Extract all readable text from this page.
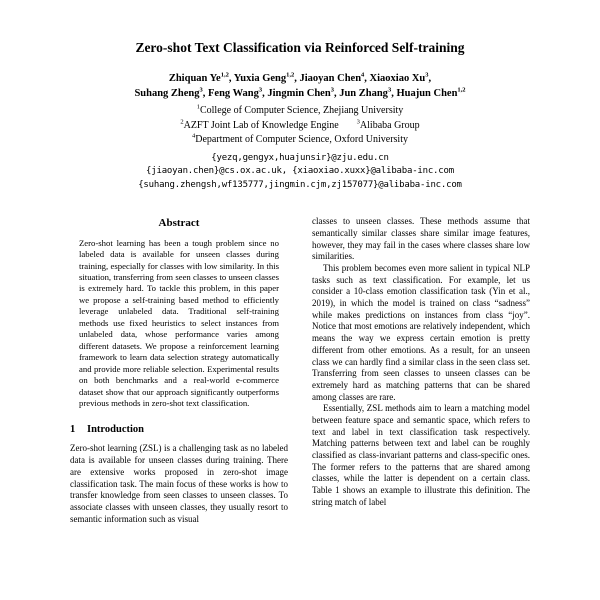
Zero-shot Text Classification via Reinforced Self-training
Zhiquan Ye$^{1,2}$, Yuxia Geng$^{1,2}$, Jiaoyan Chen$^4$, Xiaoxiao Xu$^3$,
Suhang Zheng$^3$, Feng Wang$^3$, Jingmin Chen$^3$, Jun Zhang$^3$, Huajun Chen$^{1,2}$
$^1$College of Computer Science, Zhejiang University
$^2$AZFT Joint Lab of Knowledge Engine	$^3$Alibaba Group
$^4$Department of Computer Science, Oxford University
{yezq,gengyx,huajunsir}@zju.edu.cn
{jiaoyan.chen}@cs.ox.ac.uk, {xiaoxiao.xuxx}@alibaba-inc.com
{suhang.zhengsh,wf135777,jingmin.cjm,zj157077}@alibaba-inc.com
Abstract

Zero-shot learning has been a tough problem since no labeled data is available for unseen classes during training, especially for classes with low similarity. In this situation, transferring from seen classes to unseen classes is extremely hard. To tackle this problem, in this paper we propose a self-training based method to efficiently leverage unlabeled data. Traditional self-training methods use fixed heuristics to select instances from unlabeled data, whose performance varies among different datasets. We propose a reinforcement learning framework to learn data selection strategy automatically and provide more reliable selection. Experimental results on both benchmarks and a real-world e-commerce dataset show that our approach significantly outperforms previous methods in zero-shot text classification.

1 Introduction

Zero-shot learning (ZSL) is a challenging task as no labeled data is available for unseen classes during training. There are extensive works proposed in zero-shot image classification task. The main focus of these works is how to transfer knowledge from seen classes to unseen classes. To associate classes with unseen classes, they usually resort to semantic information such as visual

classes to unseen classes. These methods assume that semantically similar classes share similar image features, however, they may fail in the cases where classes share low similarities.

This problem becomes even more salient in typical NLP tasks such as text classification. For example, let us consider a 10-class emotion classification task (Yin et al., 2019), in which the model is trained on class “sadness” while makes predictions on instances from class “joy”. Notice that most emotions are relatively independent, which means the way we express certain emotion is pretty different from other emotions. As a result, for an unseen class we can hardly find a similar class in the seen class set. Transferring from seen classes to unseen classes can be extremely hard as matching patterns that can be shared among classes are rare.

Essentially, ZSL methods aim to learn a matching model between feature space and semantic space, which refers to text and label in text classification task respectively. Matching patterns between text and label can be roughly classified as class-invariant patterns and class-specific ones. The former refers to the patterns that are shared among classes, while the latter is dependent on a certain class. Table 1 shows an example to illustrate this definition. The string match of label
